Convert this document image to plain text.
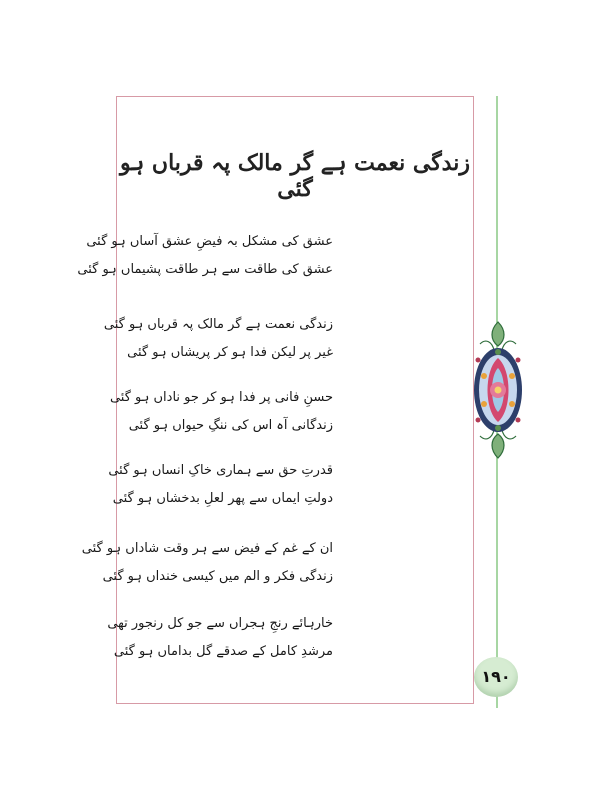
زندگی نعمت ہے گر مالک پہ قرباں ہو گئی
عشق کی مشکل بہ فیضِ عشق آساں ہو گئی
عشق کی طاقت سے ہر طاقت پشیماں ہو گئی
زندگی نعمت ہے گر مالک پہ قرباں ہو گئی
غیر پر لیکن فدا ہو کر پریشاں ہو گئی
حسنِ فانی پر فدا ہو کر جو ناداں ہو گئی
زندگانی آہ اس کی ننگِ حیواں ہو گئی
قدرتِ حق سے ہماری خاکِ انساں ہو گئی
دولتِ ایماں سے پھر لعلِ بدخشاں ہو گئی
ان کے غم کے فیض سے ہر وقت شاداں ہو گئی
زندگی فکر و الم میں کیسی خنداں ہو گئی
خارہائے رنجِ ہجراں سے جو کل رنجور تھی
مرشدِ کامل کے صدقے گل بداماں ہو گئی
۱۹۰
